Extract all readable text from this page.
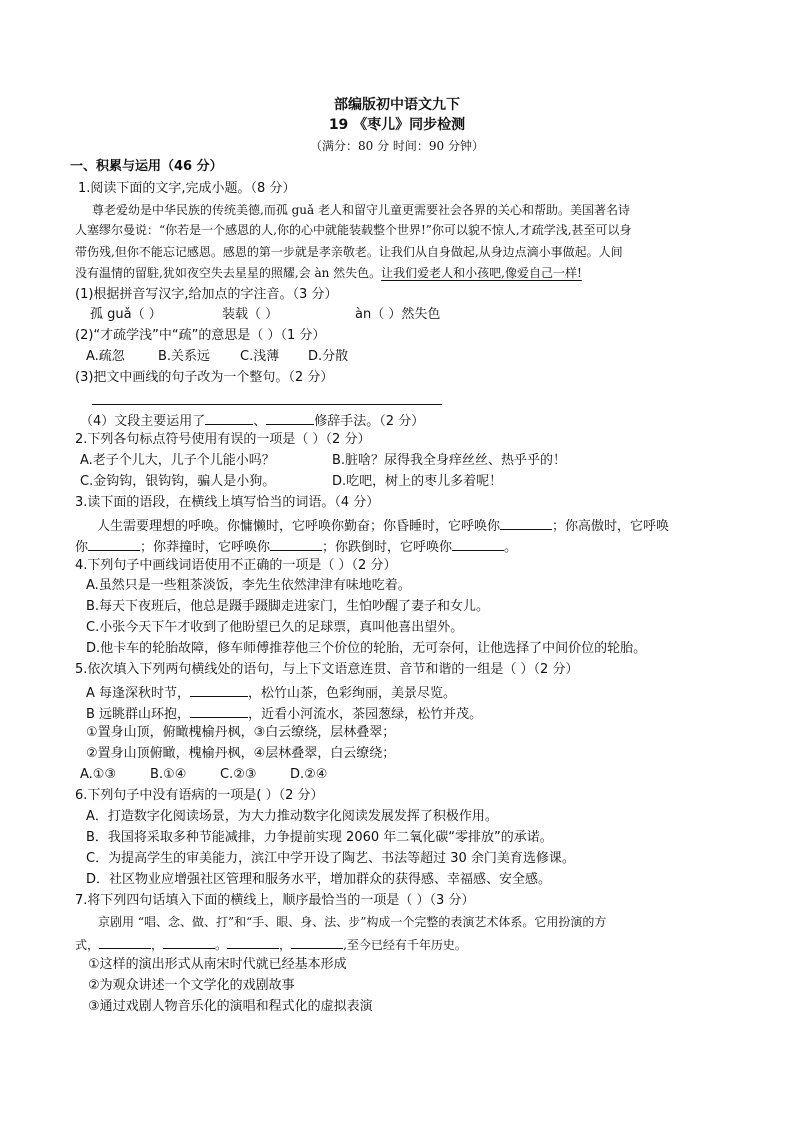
部编版初中语文九下
19 《枣儿》同步检测
（满分：80 分 时间：90 分钟）
一、积累与运用（46 分）
1.阅读下面的文字,完成小题。（8 分）
尊老爱幼是中华民族的传统美德,而孤 guǎ 老人和留守儿童更需要社会各界的关心和帮助。美国著名诗
人塞缪尔曼说：“你若是一个感恩的人,你的心中就能装载整个世界!”你可以貌不惊人,才疏学浅,甚至可以身
带伤残,但你不能忘记感恩。感恩的第一步就是孝亲敬老。让我们从自身做起,从身边点滴小事做起。人间
没有温情的留駐,犹如夜空失去星星的照耀,会 àn 然失色。让我们爱老人和小孩吧,像爱自己一样!
(1)根据拼音写汉字,给加点的字注音。（3 分）
孤 guǎ（ ）	装载（ ）	àn（ ）然失色
(2)“才疏学浅”中“疏”的意思是（ ）（1 分）
A.疏忽	B.关系远 C.浅薄 D.分散
(3)把文中画线的句子改为一个整句。（2 分）
（4）文段主要运用了	、	修辞手法。（2 分）
2.下列各句标点符号使用有误的一项是（ ）（2 分）
A.老子个儿大，儿子个儿能小吗？	B.脏啥？尿得我全身痒丝丝、热乎乎的！
C.金钩钩，银钩钩，骗人是小狗。	D.吃吧，树上的枣儿多着呢！
3.读下面的语段，在横线上填写恰当的词语。（4 分）
人生需要理想的呼唤。你慵懒时，它呼唤你勤奋；你昏睡时，它呼唤你	；你高傲时，它呼唤
你	；你莽撞时，它呼唤你	；你跌倒时，它呼唤你	。
4.下列句子中画线词语使用不正确的一项是（ ）（2 分）
A.虽然只是一些粗茶淡饭，李先生依然津津有味地吃着。
B.每天下夜班后，他总是蹑手蹑脚走进家门，生怕吵醒了妻子和女儿。
C.小张今天下午才收到了他盼望已久的足球票，真叫他喜出望外。
D.他卡车的轮胎故障，修车师傅推荐他三个价位的轮胎，无可奈何，让他选择了中间价位的轮胎。
5.依次填入下列两句横线处的语句，与上下文语意连贯、音节和谐的一组是（ ）（2 分）
A 每逢深秋时节，	，松竹山茶，色彩绚丽，美景尽览。
B 远眺群山环抱，	，近看小河流水，茶园葱绿，松竹并茂。
①置身山顶，俯瞰槐榆丹枫，③白云缭绕，层林叠翠；
②置身山顶俯瞰，槐榆丹枫，④层林叠翠，白云缭绕；
A.①③	B.①④	C.②③	D.②④
6.下列句子中没有语病的一项是( ）（2 分）
A．打造数字化阅读场景，为大力推动数字化阅读发展发挥了积极作用。
B．我国将采取多种节能减排，力争提前实现 2060 年二氧化碳“零排放”的承诺。
C．为提高学生的审美能力，滨江中学开设了陶艺、书法等超过 30 余门美育选修课。
D．社区物业应增强社区管理和服务水平，增加群众的获得感、幸福感、安全感。
7.将下列四句话填入下面的横线上，顺序最恰当的一项是（ ）（3 分）
京剧用 “唱、念、做、打”和“手、眼、身、法、步”构成一个完整的表演艺术体系。它用扮演的方
式，	，	。	，	,至今已经有千年历史。
①这样的演出形式从南宋时代就已经基本形成
②为观众讲述一个文学化的戏剧故事
③通过戏剧人物音乐化的演唱和程式化的虚拟表演
